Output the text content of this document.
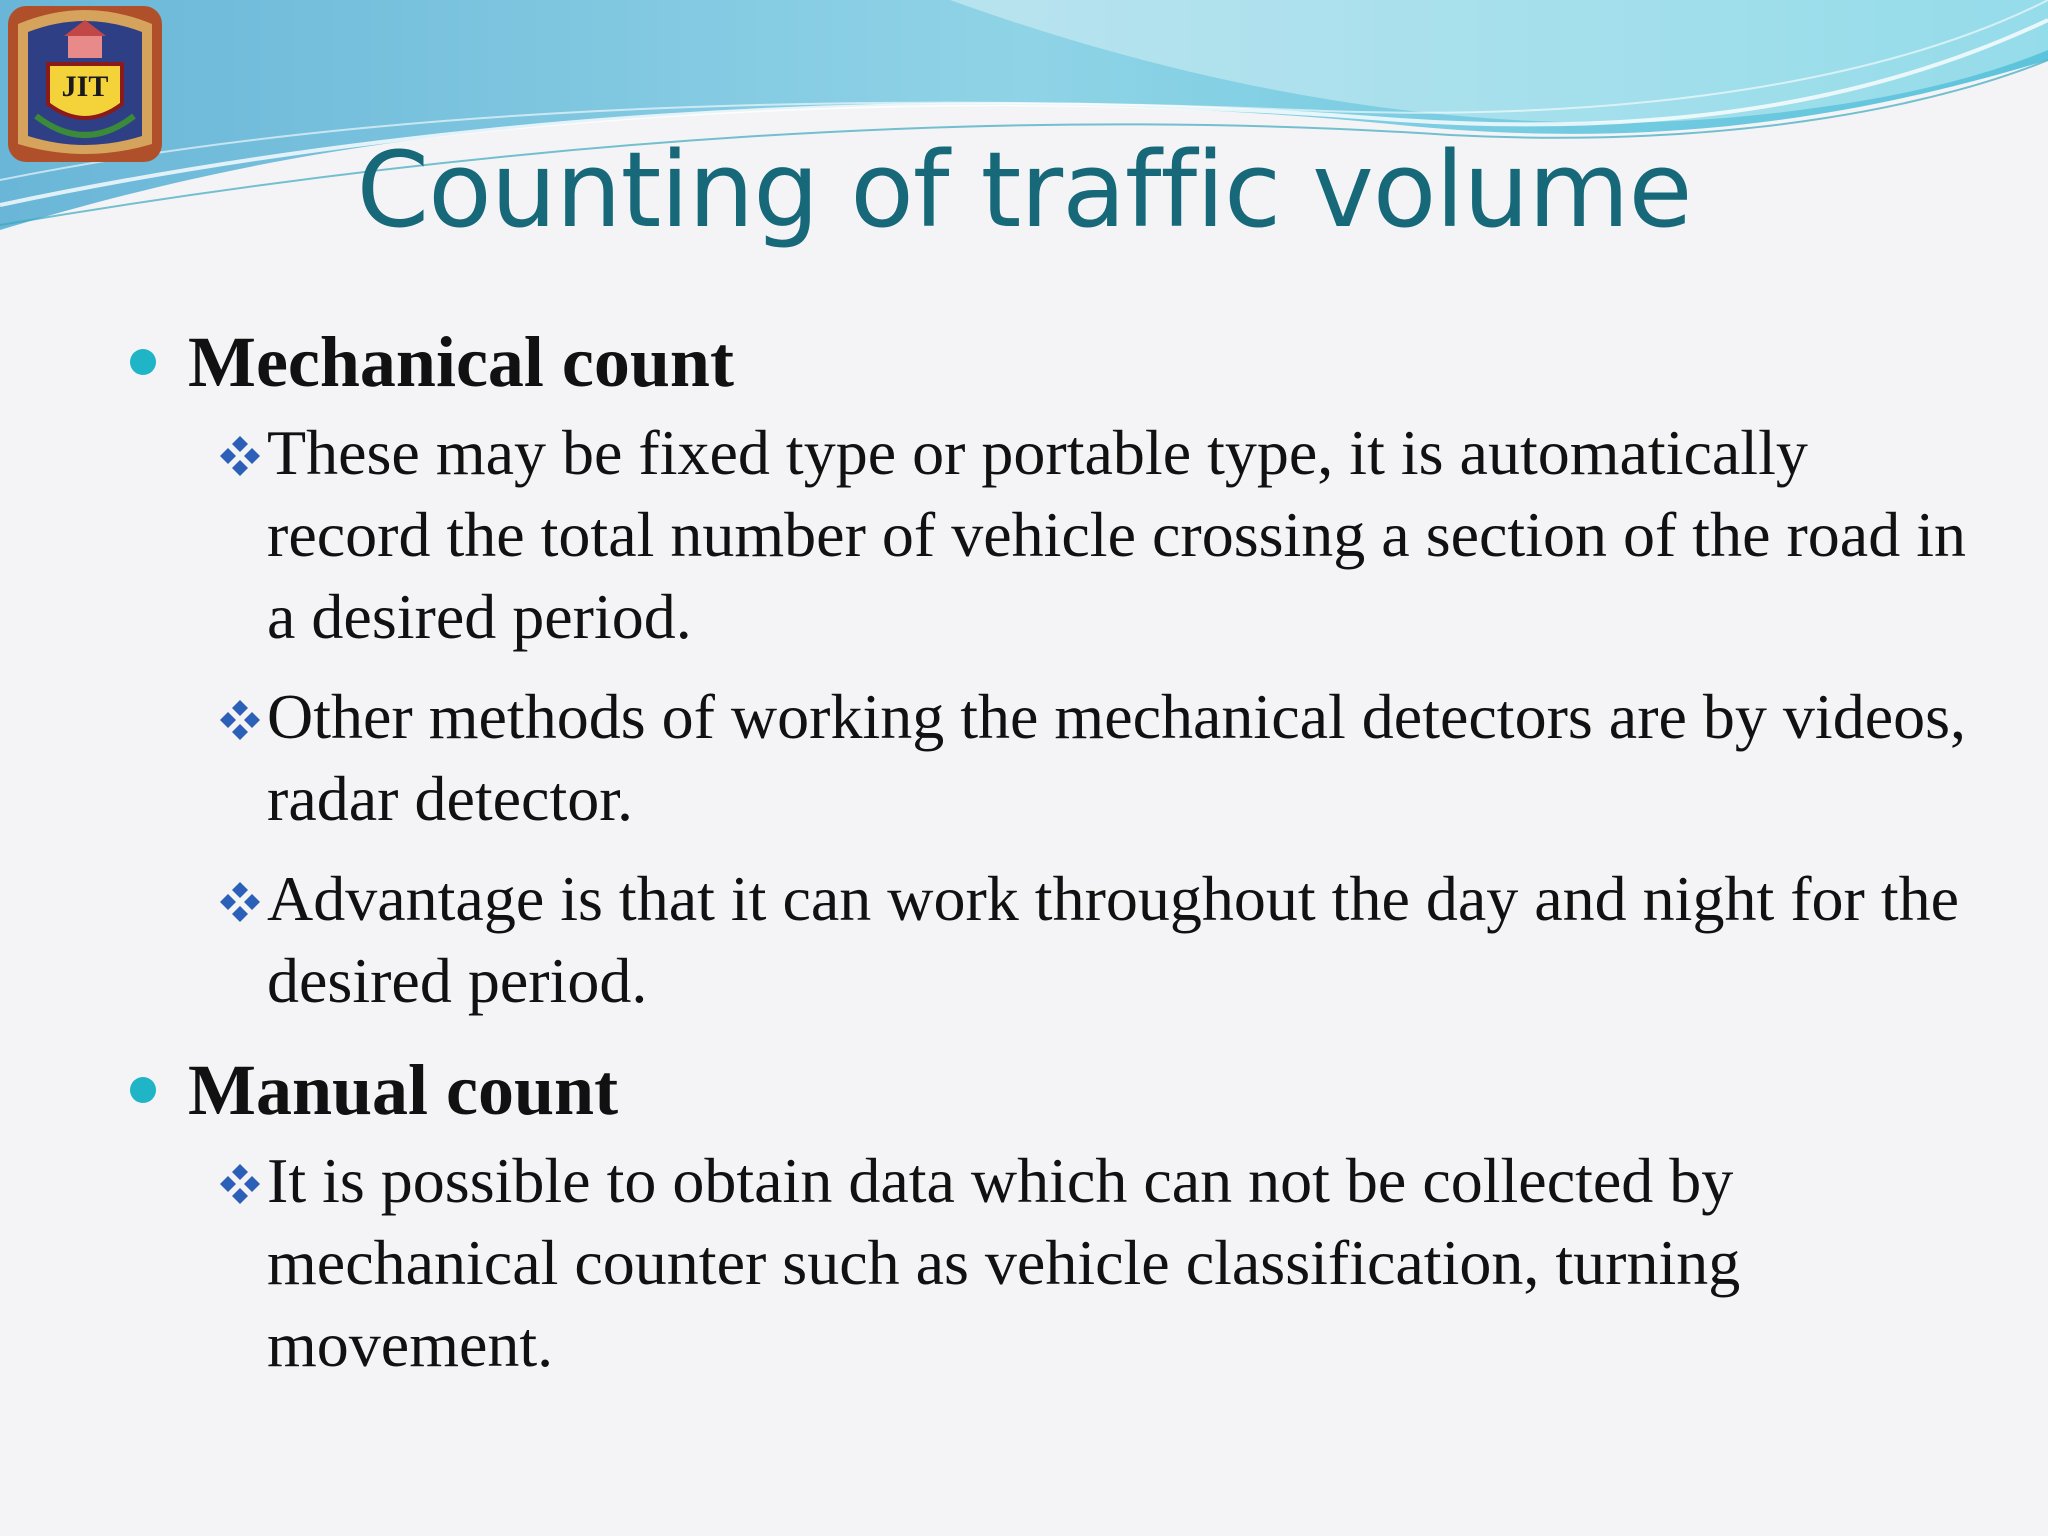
JIT
Counting of traffic volume
Mechanical count
These may be fixed type or portable type, it is automatically record the total number of vehicle crossing a section of the road in a desired period.
Other methods of working the mechanical detectors are by videos, radar detector.
Advantage is that it can work throughout the day and night for the desired period.
Manual count
It is possible to obtain data which can not be collected by mechanical counter such as vehicle classification, turning movement.
